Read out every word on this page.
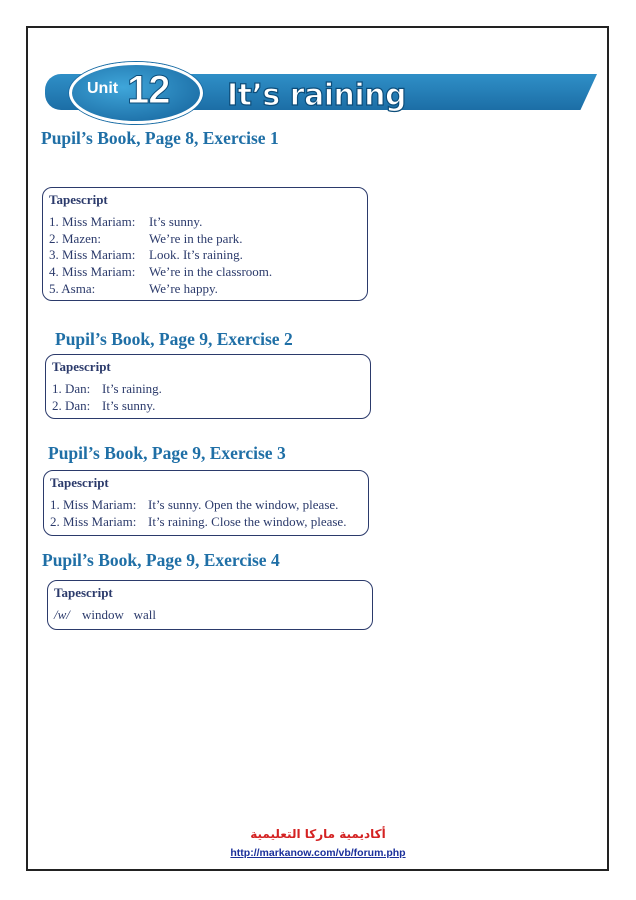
Unit 12 It’s raining
Pupil’s Book, Page 8, Exercise 1
Tapescript
1. Miss Mariam:	It’s sunny.
2. Mazen:	We’re in the park.
3. Miss Mariam:	Look. It’s raining.
4. Miss Mariam:	We’re in the classroom.
5. Asma:	We’re happy.
Pupil’s Book, Page 9, Exercise 2
Tapescript
1. Dan: It’s raining.
2. Dan: It’s sunny.
Pupil’s Book, Page 9, Exercise 3
Tapescript
1. Miss Mariam: It’s sunny. Open the window, please.
2. Miss Mariam: It’s raining. Close the window, please.
Pupil’s Book, Page 9, Exercise 4
Tapescript
/w/ window   wall
أكاديمية ماركا التعليمية
http://markanow.com/vb/forum.php
